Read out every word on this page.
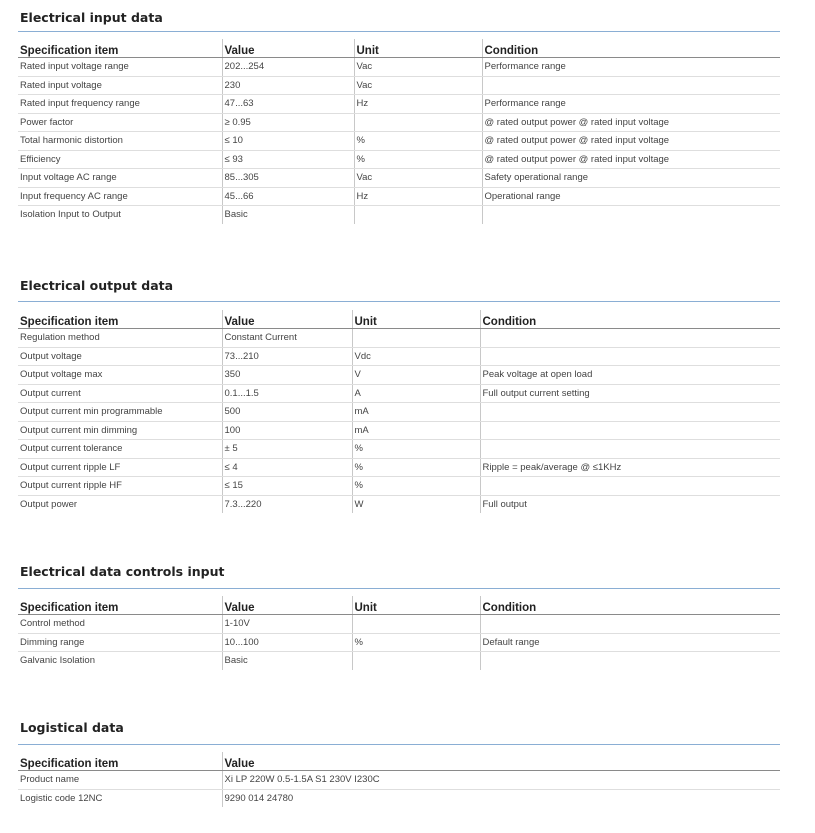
Electrical input data
Specification item	Value	Unit	Condition
Rated input voltage range	202...254	Vac	Performance range
Rated input voltage	230	Vac	
Rated input frequency range	47...63	Hz	Performance range
Power factor	≥ 0.95		@ rated output power @ rated input voltage
Total harmonic distortion	≤ 10	%	@ rated output power @ rated input voltage
Efficiency	≤ 93	%	@ rated output power @ rated input voltage
Input voltage AC range	85...305	Vac	Safety operational range
Input frequency AC range	45...66	Hz	Operational range
Isolation Input to Output	Basic		
Electrical output data
Specification item	Value	Unit	Condition
Regulation method	Constant Current		
Output voltage	73...210	Vdc	
Output voltage max	350	V	Peak voltage at open load
Output current	0.1...1.5	A	Full output current setting
Output current min programmable	500	mA	
Output current min dimming	100	mA	
Output current tolerance	± 5	%	
Output current ripple LF	≤ 4	%	Ripple = peak/average @ ≤1KHz
Output current ripple HF	≤ 15	%	
Output power	7.3...220	W	Full output
Electrical data controls input
Specification item	Value	Unit	Condition
Control method	1-10V		
Dimming range	10...100	%	Default range
Galvanic Isolation	Basic		
Logistical data
Specification item	Value
Product name	Xi LP 220W 0.5-1.5A S1 230V I230C
Logistic code 12NC	9290 014 24780
